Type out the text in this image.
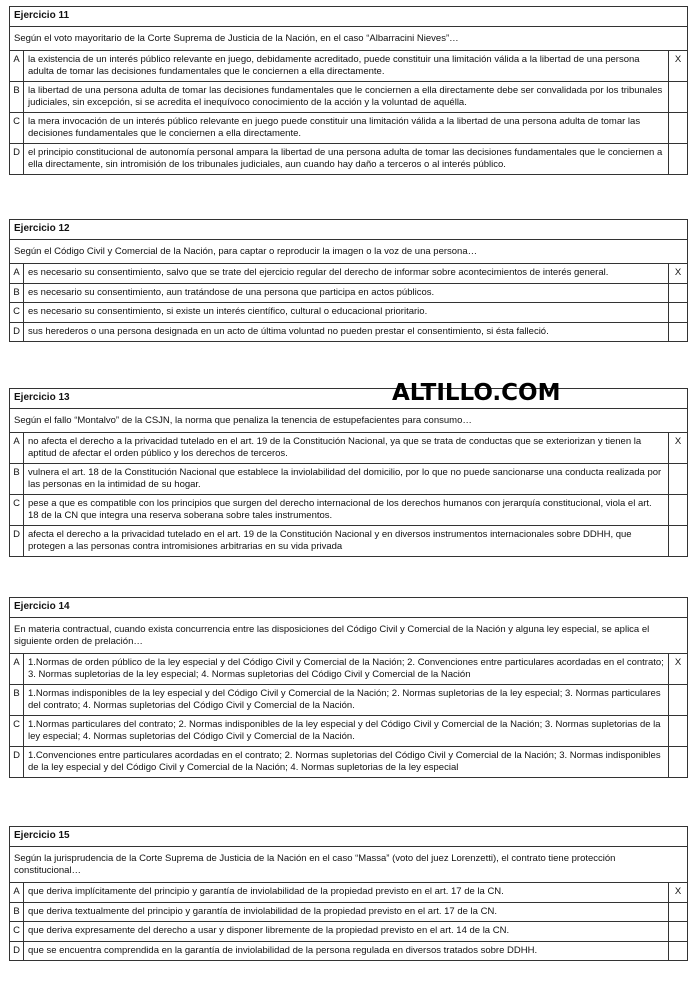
Ejercicio 11
Según el voto mayoritario de la Corte Suprema de Justicia de la Nación, en el caso “Albarracini Nieves”…
A la existencia de un interés público relevante en juego, debidamente acreditado, puede constituir una limitación válida a la libertad de una persona adulta de tomar las decisiones fundamentales que le conciernen a ella directamente.
X
B la libertad de una persona adulta de tomar las decisiones fundamentales que le conciernen a ella directamente debe ser convalidada por los tribunales judiciales, sin excepción, si se acredita el inequívoco conocimiento de la acción y la voluntad de aquélla.
C la mera invocación de un interés público relevante en juego puede constituir una limitación válida a la libertad de una persona adulta de tomar las decisiones fundamentales que le conciernen a ella directamente.
D el principio constitucional de autonomía personal ampara la libertad de una persona adulta de tomar las decisiones fundamentales que le conciernen a ella directamente, sin intromisión de los tribunales judiciales, aun cuando hay daño a terceros o al interés público.
Ejercicio 12
Según el Código Civil y Comercial de la Nación, para captar o reproducir la imagen o la voz de una persona…
A es necesario su consentimiento, salvo que se trate del ejercicio regular del derecho de informar sobre acontecimientos de interés general.	X
B es necesario su consentimiento, aun tratándose de una persona que participa en actos públicos.
C es necesario su consentimiento, si existe un interés científico, cultural o educacional prioritario.
D sus herederos o una persona designada en un acto de última voluntad no pueden prestar el consentimiento, si ésta falleció.
Ejercicio 13
Según el fallo “Montalvo” de la CSJN, la norma que penaliza la tenencia de estupefacientes para consumo…
A no afecta el derecho a la privacidad tutelado en el art. 19 de la Constitución Nacional, ya que se trata de conductas que se exteriorizan y tienen la aptitud de afectar el orden público y los derechos de terceros.
X
B vulnera el art. 18 de la Constitución Nacional que establece la inviolabilidad del domicilio, por lo que no puede sancionarse una conducta realizada por las personas en la intimidad de su hogar.
C pese a que es compatible con los principios que surgen del derecho internacional de los derechos humanos con jerarquía constitucional, viola el art. 18 de la CN que integra una reserva soberana sobre tales instrumentos.
D afecta el derecho a la privacidad tutelado en el art. 19 de la Constitución Nacional y en diversos instrumentos internacionales sobre DDHH, que protegen a las personas contra intromisiones arbitrarias en su vida privada
Ejercicio 14
En materia contractual, cuando exista concurrencia entre las disposiciones del Código Civil y Comercial de la Nación y alguna ley especial, se aplica el siguiente orden de prelación…
A 1.Normas de orden público de la ley especial y del Código Civil y Comercial de la Nación; 2. Convenciones entre particulares acordadas en el contrato; 3. Normas supletorias de la ley especial; 4. Normas supletorias del Código Civil y Comercial de la Nación
X
B 1.Normas indisponibles de la ley especial y del Código Civil y Comercial de la Nación; 2. Normas supletorias de la ley especial; 3. Normas particulares del contrato; 4. Normas supletorias del Código Civil y Comercial de la Nación.
C 1.Normas particulares del contrato; 2. Normas indisponibles de la ley especial y del Código Civil y Comercial de la Nación; 3. Normas supletorias de la ley especial; 4. Normas supletorias del Código Civil y Comercial de la Nación.
D 1.Convenciones entre particulares acordadas en el contrato; 2. Normas supletorias del Código Civil y Comercial de la Nación; 3. Normas indisponibles de la ley especial y del Código Civil y Comercial de la Nación; 4. Normas supletorias de la ley especial
Ejercicio 15
Según la jurisprudencia de la Corte Suprema de Justicia de la Nación en el caso “Massa” (voto del juez Lorenzetti), el contrato tiene protección constitucional…
A que deriva implícitamente del principio y garantía de inviolabilidad de la propiedad previsto en el art. 17 de la CN.	X
B que deriva textualmente del principio y garantía de inviolabilidad de la propiedad previsto en el art. 17 de la CN.
C que deriva expresamente del derecho a usar y disponer libremente de la propiedad previsto en el art. 14 de la CN.
D que se encuentra comprendida en la garantía de inviolabilidad de la persona regulada en diversos tratados sobre DDHH.
ALTILLO.COM
